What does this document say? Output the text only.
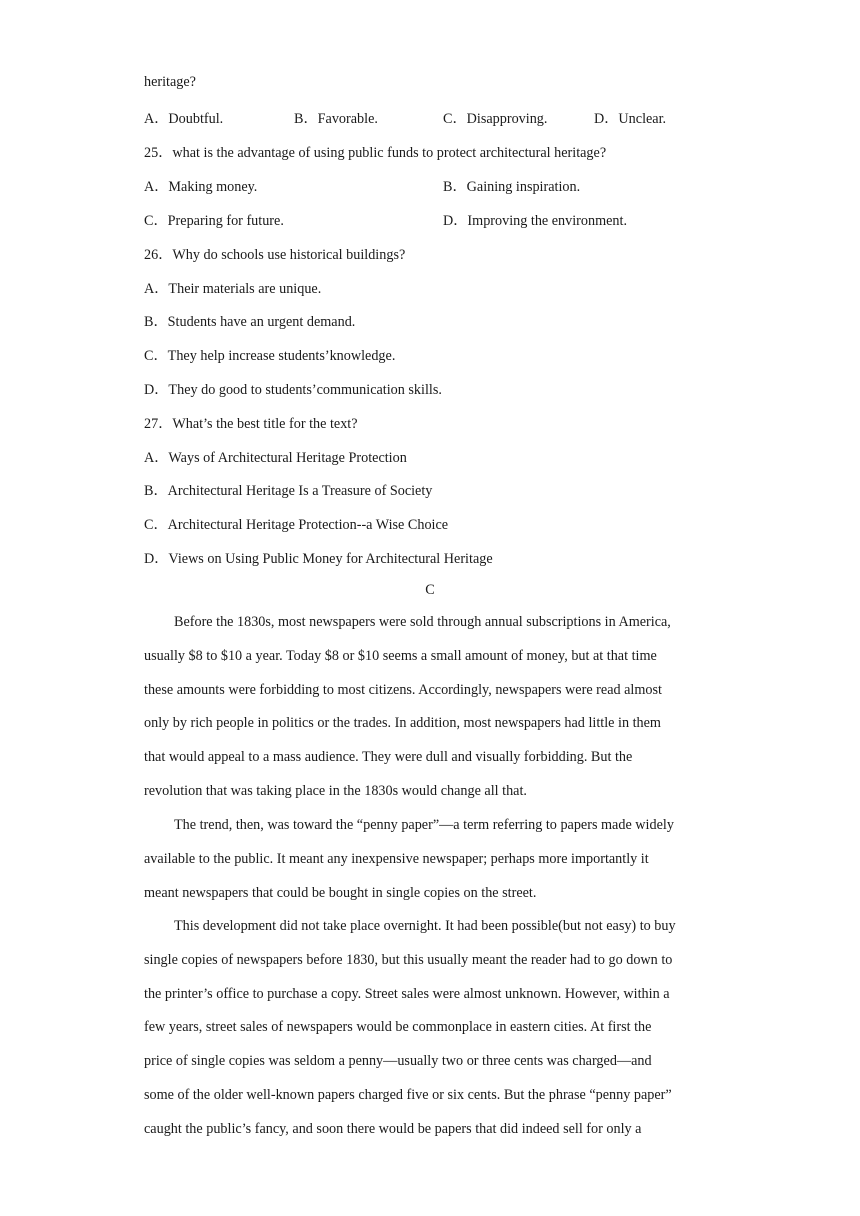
heritage?
A．Doubtful.	B．Favorable.	C．Disapproving.	D．Unclear.
25．what is the advantage of using public funds to protect architectural heritage?
A．Making money.	B．Gaining inspiration.
C．Preparing for future.	D．Improving the environment.
26．Why do schools use historical buildings?
A．Their materials are unique.
B．Students have an urgent demand.
C．They help increase students’knowledge.
D．They do good to students’communication skills.
27．What’s the best title for the text?
A．Ways of Architectural Heritage Protection
B．Architectural Heritage Is a Treasure of Society
C．Architectural Heritage Protection--a Wise Choice
D．Views on Using Public Money for Architectural Heritage
C
Before the 1830s, most newspapers were sold through annual subscriptions in America,
usually $8 to $10 a year. Today $8 or $10 seems a small amount of money, but at that time
these amounts were forbidding to most citizens. Accordingly, newspapers were read almost
only by rich people in politics or the trades. In addition, most newspapers had little in them
that would appeal to a mass audience. They were dull and visually forbidding. But the
revolution that was taking place in the 1830s would change all that.
The trend, then, was toward the “penny paper”—a term referring to papers made widely
available to the public. It meant any inexpensive newspaper; perhaps more importantly it
meant newspapers that could be bought in single copies on the street.
This development did not take place overnight. It had been possible(but not easy) to buy
single copies of newspapers before 1830, but this usually meant the reader had to go down to
the printer’s office to purchase a copy. Street sales were almost unknown. However, within a
few years, street sales of newspapers would be commonplace in eastern cities. At first the
price of single copies was seldom a penny—usually two or three cents was charged—and
some of the older well-known papers charged five or six cents. But the phrase “penny paper”
caught the public’s fancy, and soon there would be papers that did indeed sell for only a
